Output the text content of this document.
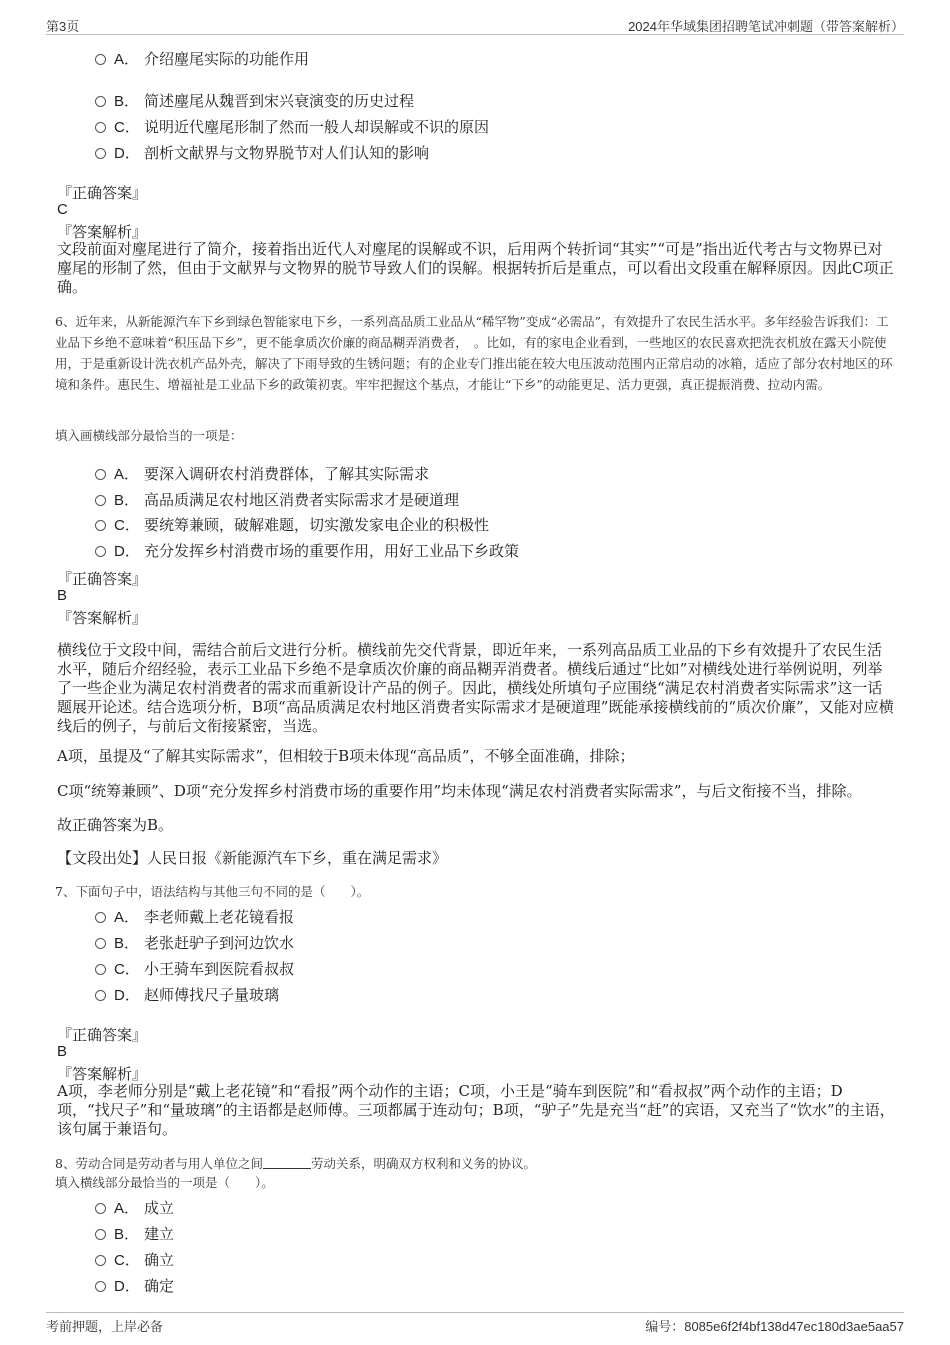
第3页	2024年华域集团招聘笔试冲刺题（带答案解析）
A． 介绍麈尾实际的功能作用
B． 简述麈尾从魏晋到宋兴衰演变的历史过程
C． 说明近代麈尾形制了然而一般人却误解或不识的原因
D． 剖析文献界与文物界脱节对人们认知的影响
『正确答案』
C
『答案解析』
文段前面对麈尾进行了简介，接着指出近代人对麈尾的误解或不识，后用两个转折词“其实”“可是”指出近代考古与文物界已对麈尾的形制了然，但由于文献界与文物界的脱节导致人们的误解。根据转折后是重点，可以看出文段重在解释原因。因此C项正确。
6、近年来，从新能源汽车下乡到绿色智能家电下乡，一系列高品质工业品从“稀罕物”变成“必需品”，有效提升了农民生活水平。多年经验告诉我们：工业品下乡绝不意味着“积压品下乡”，更不能拿质次价廉的商品糊弄消费者，　。比如，有的家电企业看到，一些地区的农民喜欢把洗衣机放在露天小院使用，于是重新设计洗衣机产品外壳，解决了下雨导致的生锈问题；有的企业专门推出能在较大电压波动范围内正常启动的冰箱，适应了部分农村地区的环境和条件。惠民生、增福祉是工业品下乡的政策初衷。牢牢把握这个基点，才能让“下乡”的动能更足、活力更强，真正提振消费、拉动内需。
填入画横线部分最恰当的一项是：
A． 要深入调研农村消费群体，了解其实际需求
B． 高品质满足农村地区消费者实际需求才是硬道理
C． 要统筹兼顾，破解难题，切实激发家电企业的积极性
D． 充分发挥乡村消费市场的重要作用，用好工业品下乡政策
『正确答案』
B
『答案解析』
横线位于文段中间，需结合前后文进行分析。横线前先交代背景，即近年来，一系列高品质工业品的下乡有效提升了农民生活水平，随后介绍经验，表示工业品下乡绝不是拿质次价廉的商品糊弄消费者。横线后通过“比如”对横线处进行举例说明，列举了一些企业为满足农村消费者的需求而重新设计产品的例子。因此，横线处所填句子应围绕“满足农村消费者实际需求”这一话题展开论述。结合选项分析，B项“高品质满足农村地区消费者实际需求才是硬道理”既能承接横线前的“质次价廉”，又能对应横线后的例子，与前后文衔接紧密，当选。
A项，虽提及“了解其实际需求”，但相较于B项未体现“高品质”，不够全面准确，排除；
C项“统筹兼顾”、D项“充分发挥乡村消费市场的重要作用”均未体现“满足农村消费者实际需求”，与后文衔接不当，排除。
故正确答案为B。
【文段出处】人民日报《新能源汽车下乡，重在满足需求》
7、下面句子中，语法结构与其他三句不同的是（　　）。
A． 李老师戴上老花镜看报
B． 老张赶驴子到河边饮水
C． 小王骑车到医院看叔叔
D． 赵师傅找尺子量玻璃
『正确答案』
B
『答案解析』
A项，李老师分别是“戴上老花镜”和“看报”两个动作的主语；C项，小王是“骑车到医院”和“看叔叔”两个动作的主语；D项，“找尺子”和“量玻璃”的主语都是赵师傅。三项都属于连动句；B项，“驴子”先是充当“赶”的宾语，又充当了“饮水”的主语，该句属于兼语句。
8、劳动合同是劳动者与用人单位之间	劳动关系，明确双方权利和义务的协议。
填入横线部分最恰当的一项是（　　）。
A． 成立
B． 建立
C． 确立
D． 确定
考前押题，上岸必备	编号：8085e6f2f4bf138d47ec180d3ae5aa57
